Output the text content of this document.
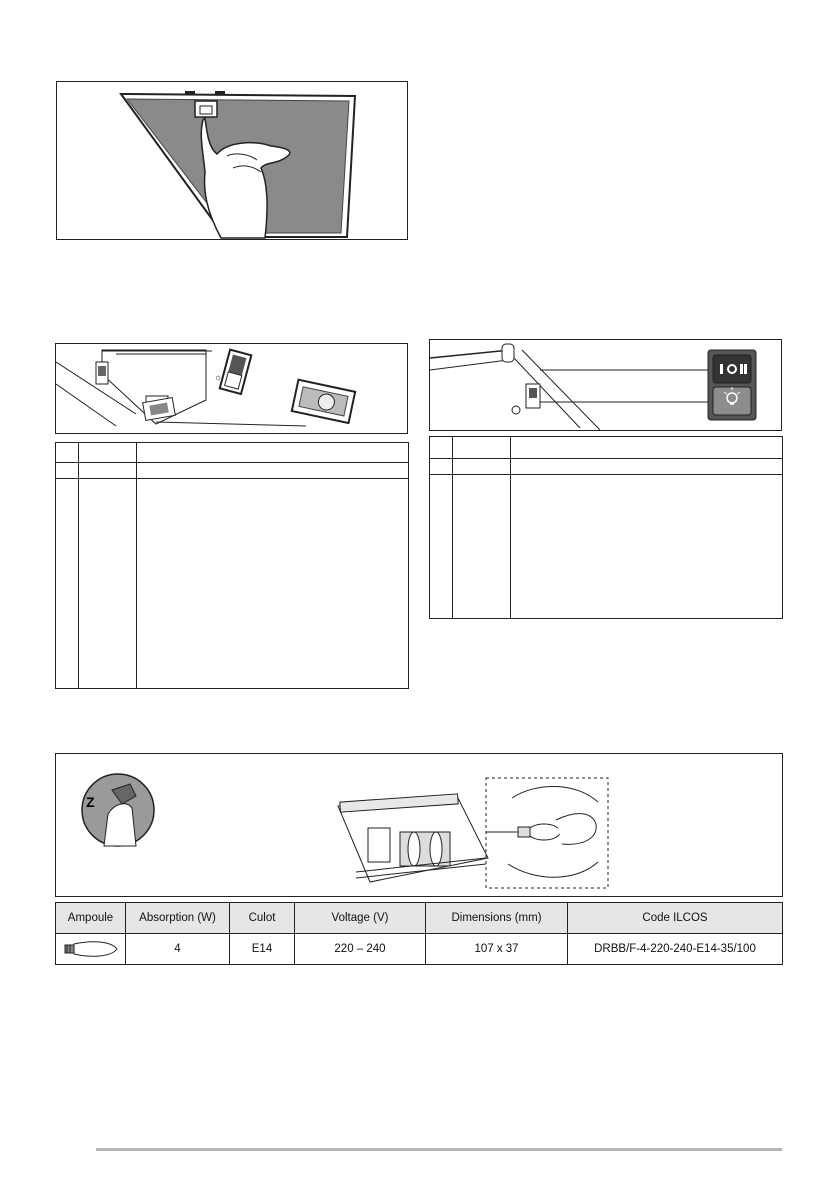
☼

Z
Ampoule	Absorption (W)	Culot	Voltage (V)	Dimensions (mm)	Code ILCOS
	4	E14	220 – 240	107 x 37	DRBB/F-4-220-240-E14-35/100
